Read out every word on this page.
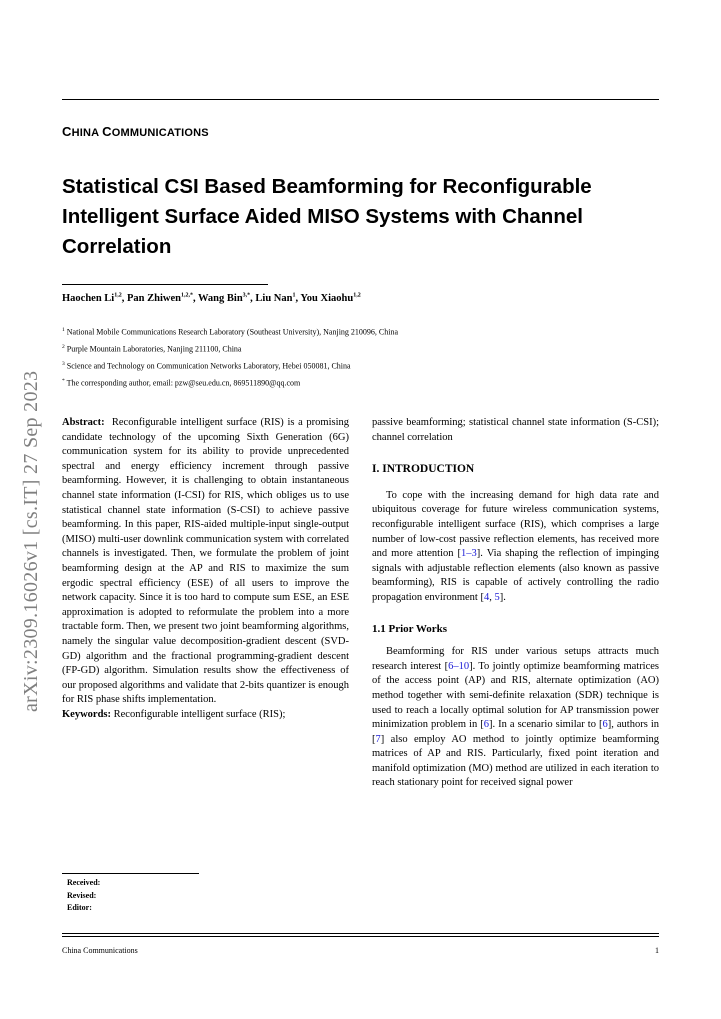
CHINA COMMUNICATIONS
Statistical CSI Based Beamforming for Reconfigurable Intelligent Surface Aided MISO Systems with Channel Correlation
Haochen Li$^{1,2}$, Pan Zhiwen$^{1,2,*}$, Wang Bin$^{3,*}$, Liu Nan$^1$, You Xiaohu$^{1,2}$
$^1$ National Mobile Communications Research Laboratory (Southeast University), Nanjing 210096, China
$^2$ Purple Mountain Laboratories, Nanjing 211100, China
$^3$ Science and Technology on Communication Networks Laboratory, Hebei 050081, China
* The corresponding author, email: pzw@seu.edu.cn, 869511890@qq.com
arXiv:2309.16026v1 [cs.IT] 27 Sep 2023 Abstract: Reconfigurable intelligent surface (RIS) is a promising candidate technology of the upcoming Sixth Generation (6G) communication system for its ability to provide unprecedented spectral and energy efficiency increment through passive beamforming. However, it is challenging to obtain instantaneous channel state information (I-CSI) for RIS, which obliges us to use statistical channel state information (S-CSI) to achieve passive beamforming. In this paper, RIS-aided multiple-input single-output (MISO) multi-user downlink communication system with correlated channels is investigated. Then, we formulate the problem of joint beamforming design at the AP and RIS to maximize the sum ergodic spectral efficiency (ESE) of all users to improve the network capacity. Since it is too hard to compute sum ESE, an ESE approximation is adopted to reformulate the problem into a more tractable form. Then, we present two joint beamforming algorithms, namely the singular value decomposition-gradient descent (SVD-GD) algorithm and the fractional programming-gradient descent (FP-GD) algorithm. Simulation results show the effectiveness of our proposed algorithms and validate that 2-bits quantizer is enough for RIS phase shifts implementation.

Keywords: Reconfigurable intelligent surface (RIS);

Received:
Revised:
Editor:

passive beamforming; statistical channel state information (S-CSI); channel correlation

I. INTRODUCTION

To cope with the increasing demand for high data rate and ubiquitous coverage for future wireless communication systems, reconfigurable intelligent surface (RIS), which comprises a large number of low-cost passive reflection elements, has received more and more attention [1–3]. Via shaping the reflection of impinging signals with adjustable reflection elements (also known as passive beamforming), RIS is capable of actively controlling the radio propagation environment [4, 5].

1.1 Prior Works

Beamforming for RIS under various setups attracts much research interest [6–10]. To jointly optimize beamforming matrices of the access point (AP) and RIS, alternate optimization (AO) method together with semi-definite relaxation (SDR) technique is used to reach a locally optimal solution for AP transmission power minimization problem in [6]. In a scenario similar to [6], authors in [7] also employ AO method to jointly optimize beamforming matrices of AP and RIS. Particularly, fixed point iteration and manifold optimization (MO) method are utilized in each iteration to reach stationary point for received signal power

China Communications	1
